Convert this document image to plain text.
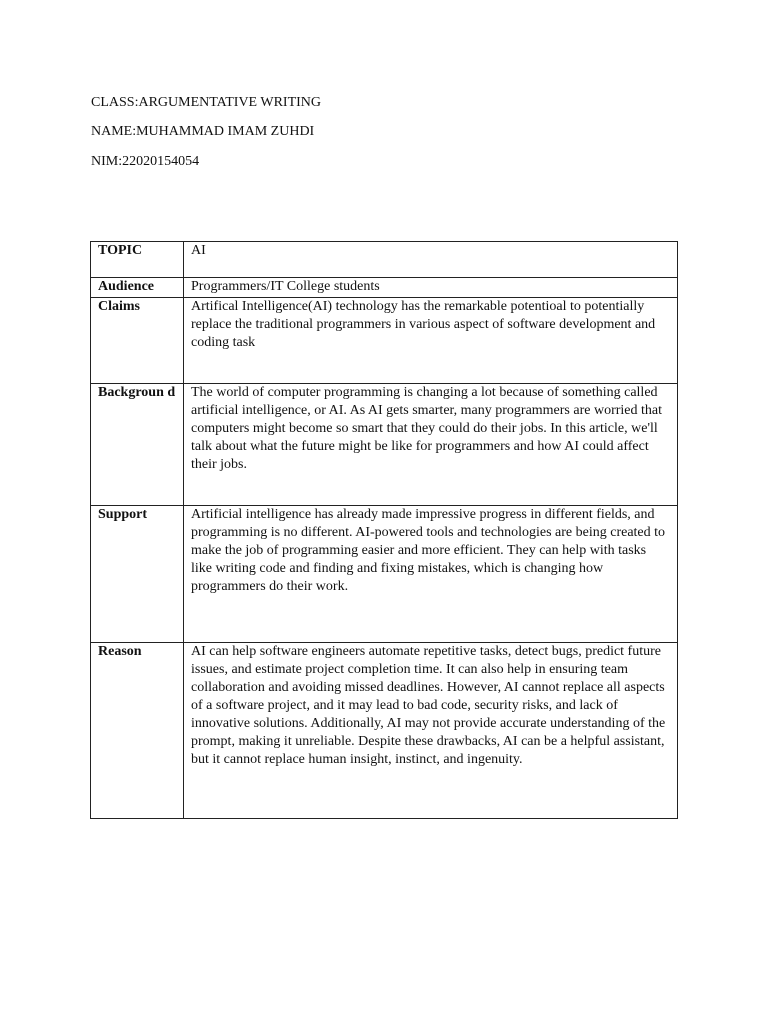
CLASS:ARGUMENTATIVE WRITING
NAME:MUHAMMAD IMAM ZUHDI
NIM:22020154054
TOPIC	AI
Audience	Programmers/IT College students
Claims	Artifical Intelligence(AI) technology has the remarkable potentioal to potentially replace the traditional programmers in various aspect of software development and coding task
Backgroun d	The world of computer programming is changing a lot because of something called artificial intelligence, or AI. As AI gets smarter, many programmers are worried that computers might become so smart that they could do their jobs. In this article, we'll talk about what the future might be like for programmers and how AI could affect their jobs.
Support	Artificial intelligence has already made impressive progress in different fields, and programming is no different. AI-powered tools and technologies are being created to make the job of programming easier and more efficient. They can help with tasks like writing code and finding and fixing mistakes, which is changing how programmers do their work.
Reason	AI can help software engineers automate repetitive tasks, detect bugs, predict future issues, and estimate project completion time. It can also help in ensuring team collaboration and avoiding missed deadlines. However, AI cannot replace all aspects of a software project, and it may lead to bad code, security risks, and lack of innovative solutions. Additionally, AI may not provide accurate understanding of the prompt, making it unreliable. Despite these drawbacks, AI can be a helpful assistant, but it cannot replace human insight, instinct, and ingenuity.
